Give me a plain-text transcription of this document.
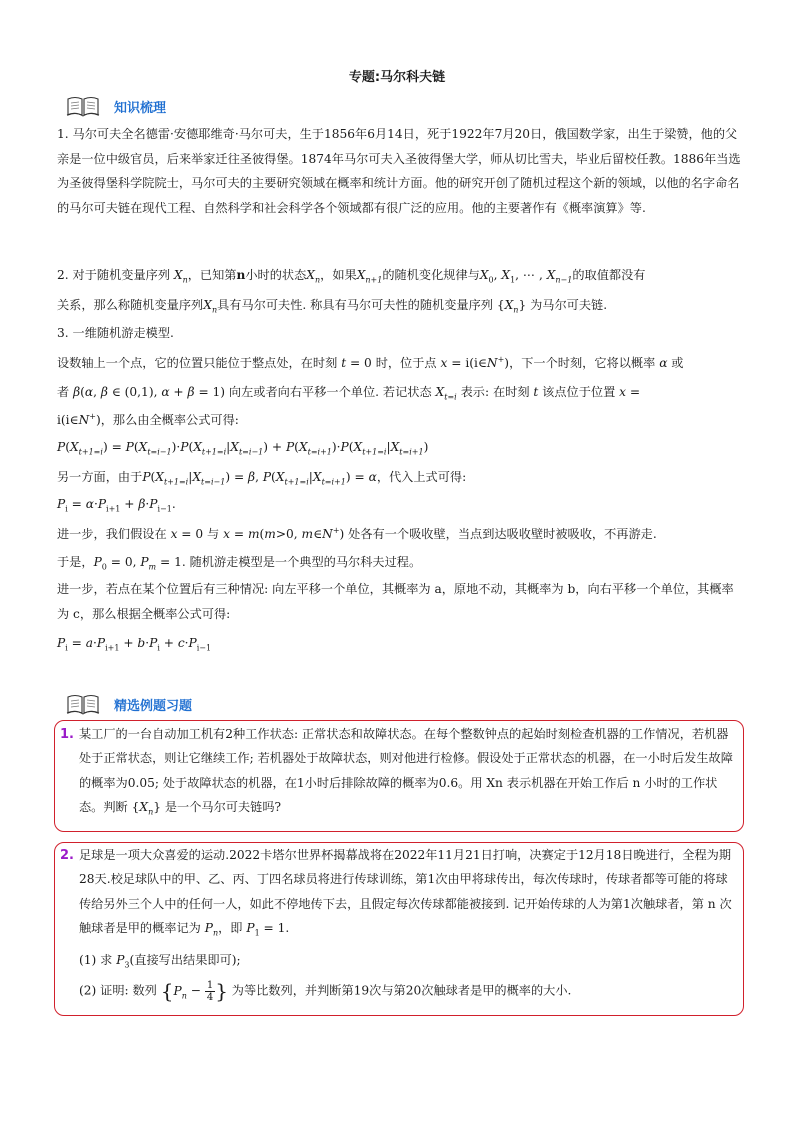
专题:马尔科夫链
知识梳理

1. 马尔可夫全名德雷·安德耶维奇·马尔可夫，生于1856年6月14日，死于1922年7月20日，俄国数学家，出生于梁赞，他的父亲是一位中级官员，后来举家迁往圣彼得堡。1874年马尔可夫入圣彼得堡大学，师从切比雪夫，毕业后留校任教。1886年当选为圣彼得堡科学院院士，马尔可夫的主要研究领域在概率和统计方面。他的研究开创了随机过程这个新的领域，以他的名字命名的马尔可夫链在现代工程、自然科学和社会科学各个领域都有很广泛的应用。他的主要著作有《概率演算》等.

2. 对于随机变量序列 $X_n$，已知第n小时的状态$X_n$，如果$X_{n+1}$的随机变化规律与$X_0$, $X_1$, ⋯ , $X_{n-1}$的取值都没有
关系，那么称随机变量序列$X_n$具有马尔可夫性. 称具有马尔可夫性的随机变量序列 $\{X_n\}$ 为马尔可夫链.
3. 一维随机游走模型.
设数轴上一个点，它的位置只能位于整点处，在时刻 t = 0 时，位于点 x = i(i∈N+)，下一个时刻，它将以概率 α 或
者 β(α, β ∈ (0,1), α + β = 1) 向左或者向右平移一个单位. 若记状态 $X_{t=i}$ 表示: 在时刻 t 该点位于位置 x =
i(i∈N+)，那么由全概率公式可得:
$P(X_{t+1=i}) = P(X_{t=i-1})\cdot P(X_{t+1=i}|X_{t=i-1}) + P(X_{t=i+1})\cdot P(X_{t+1=i}|X_{t=i+1})$
另一方面，由于$P(X_{t+1=i}|X_{t=i-1}) = \beta$, $P(X_{t+1=i}|X_{t=i+1}) = \alpha$，代入上式可得:
$P_i = \alpha\cdot P_{i+1} + \beta\cdot P_{i-1}$.
进一步，我们假设在 x = 0 与 x = m(m>0, m∈N+) 处各有一个吸收壁，当点到达吸收壁时被吸收，不再游走.
于是，$P_0 = 0$, $P_m = 1$. 随机游走模型是一个典型的马尔科夫过程。

进一步，若点在某个位置后有三种情况: 向左平移一个单位，其概率为 a，原地不动，其概率为 b，向右平移一个单位，其概率为 c，那么根据全概率公式可得:

$P_i = a\cdot P_{i+1} + b\cdot P_i + c\cdot P_{i-1}$
精选例题习题
1. 某工厂的一台自动加工机有2种工作状态: 正常状态和故障状态。在每个整数钟点的起始时刻检查机器的工作情况，若机器处于正常状态，则让它继续工作; 若机器处于故障状态，则对他进行检修。假设处于正常状态的机器，在一小时后发生故障的概率为0.05; 处于故障状态的机器，在1小时后排除故障的概率为0.6。用 Xn 表示机器在开始工作后 n 小时的工作状态。判断 $\{X_n\}$ 是一个马尔可夫链吗?

2. 足球是一项大众喜爱的运动.2022卡塔尔世界杯揭幕战将在2022年11月21日打响，决赛定于12月18日晚进行，全程为期28天.校足球队中的甲、乙、丙、丁四名球员将进行传球训练，第1次由甲将球传出，每次传球时，传球者都等可能的将球传给另外三个人中的任何一人，如此不停地传下去，且假定每次传球都能被接到. 记开始传球的人为第1次触球者，第 n 次触球者是甲的概率记为 $P_n$，即 $P_1 = 1$.

(1) 求 $P_3$(直接写出结果即可);
(2) 证明: 数列 {$P_n - \frac{1}{4}$ } 为等比数列，并判断第19次与第20次触球者是甲的概率的大小.
